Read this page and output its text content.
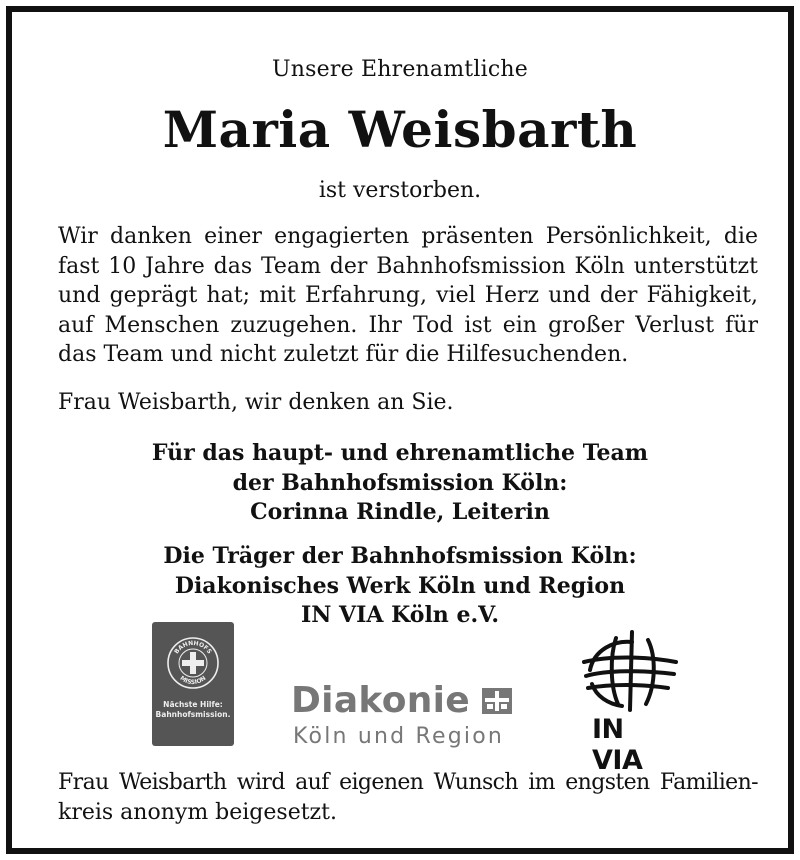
Unsere Ehrenamtliche
Maria Weisbarth
ist verstorben.
Wir danken einer engagierten präsenten Persönlichkeit, die
fast 10 Jahre das Team der Bahnhofsmission Köln unterstützt
und geprägt hat; mit Erfahrung, viel Herz und der Fähigkeit,
auf Menschen zuzugehen. Ihr Tod ist ein großer Verlust für
das Team und nicht zuletzt für die Hilfesuchenden.
Frau Weisbarth, wir denken an Sie.
Für das haupt- und ehrenamtliche Team
der Bahnhofsmission Köln:
Corinna Rindle, Leiterin
Die Träger der Bahnhofsmission Köln:
Diakonisches Werk Köln und Region
IN VIA Köln e.V.
BAHNHOFS
MISSION
Nächste Hilfe:
Bahnhofsmission. Diakonie
Köln und Region	IN VIA
Frau Weisbarth wird auf eigenen Wunsch im engsten Familien-
kreis anonym beigesetzt.
